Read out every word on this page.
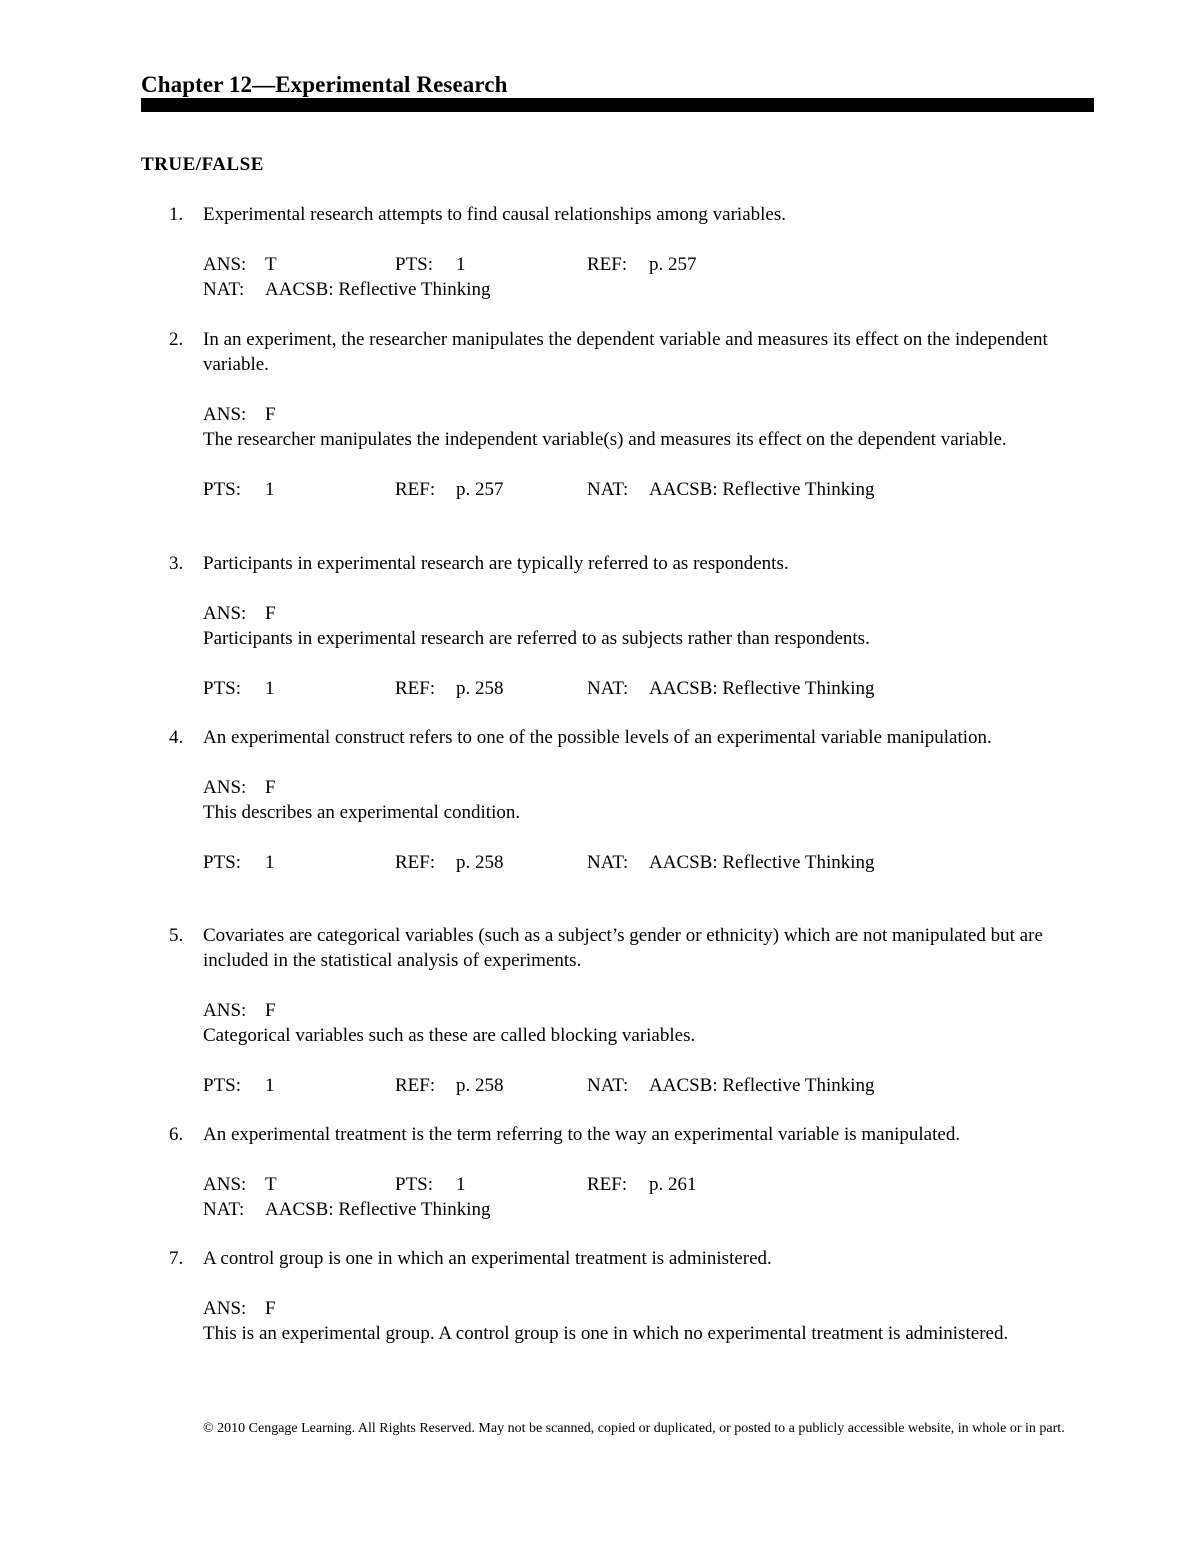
Chapter 12—Experimental Research
TRUE/FALSE
1. Experimental research attempts to find causal relationships among variables.
ANS: T	PTS: 1	REF: p. 257
NAT: AACSB: Reflective Thinking
2. In an experiment, the researcher manipulates the dependent variable and measures its effect on the independent variable.
ANS: F
The researcher manipulates the independent variable(s) and measures its effect on the dependent variable.
PTS: 1	REF: p. 257	NAT: AACSB: Reflective Thinking
3. Participants in experimental research are typically referred to as respondents.
ANS: F
Participants in experimental research are referred to as subjects rather than respondents.
PTS: 1	REF: p. 258	NAT: AACSB: Reflective Thinking
4. An experimental construct refers to one of the possible levels of an experimental variable manipulation.
ANS: F
This describes an experimental condition.
PTS: 1	REF: p. 258	NAT: AACSB: Reflective Thinking
5. Covariates are categorical variables (such as a subject’s gender or ethnicity) which are not manipulated but are included in the statistical analysis of experiments.
ANS: F
Categorical variables such as these are called blocking variables.
PTS: 1	REF: p. 258	NAT: AACSB: Reflective Thinking
6. An experimental treatment is the term referring to the way an experimental variable is manipulated.
ANS: T	PTS: 1	REF: p. 261
NAT: AACSB: Reflective Thinking
7. A control group is one in which an experimental treatment is administered.
ANS: F
This is an experimental group. A control group is one in which no experimental treatment is administered.
© 2010 Cengage Learning. All Rights Reserved. May not be scanned, copied or duplicated, or posted to a publicly accessible website, in whole or in part.
